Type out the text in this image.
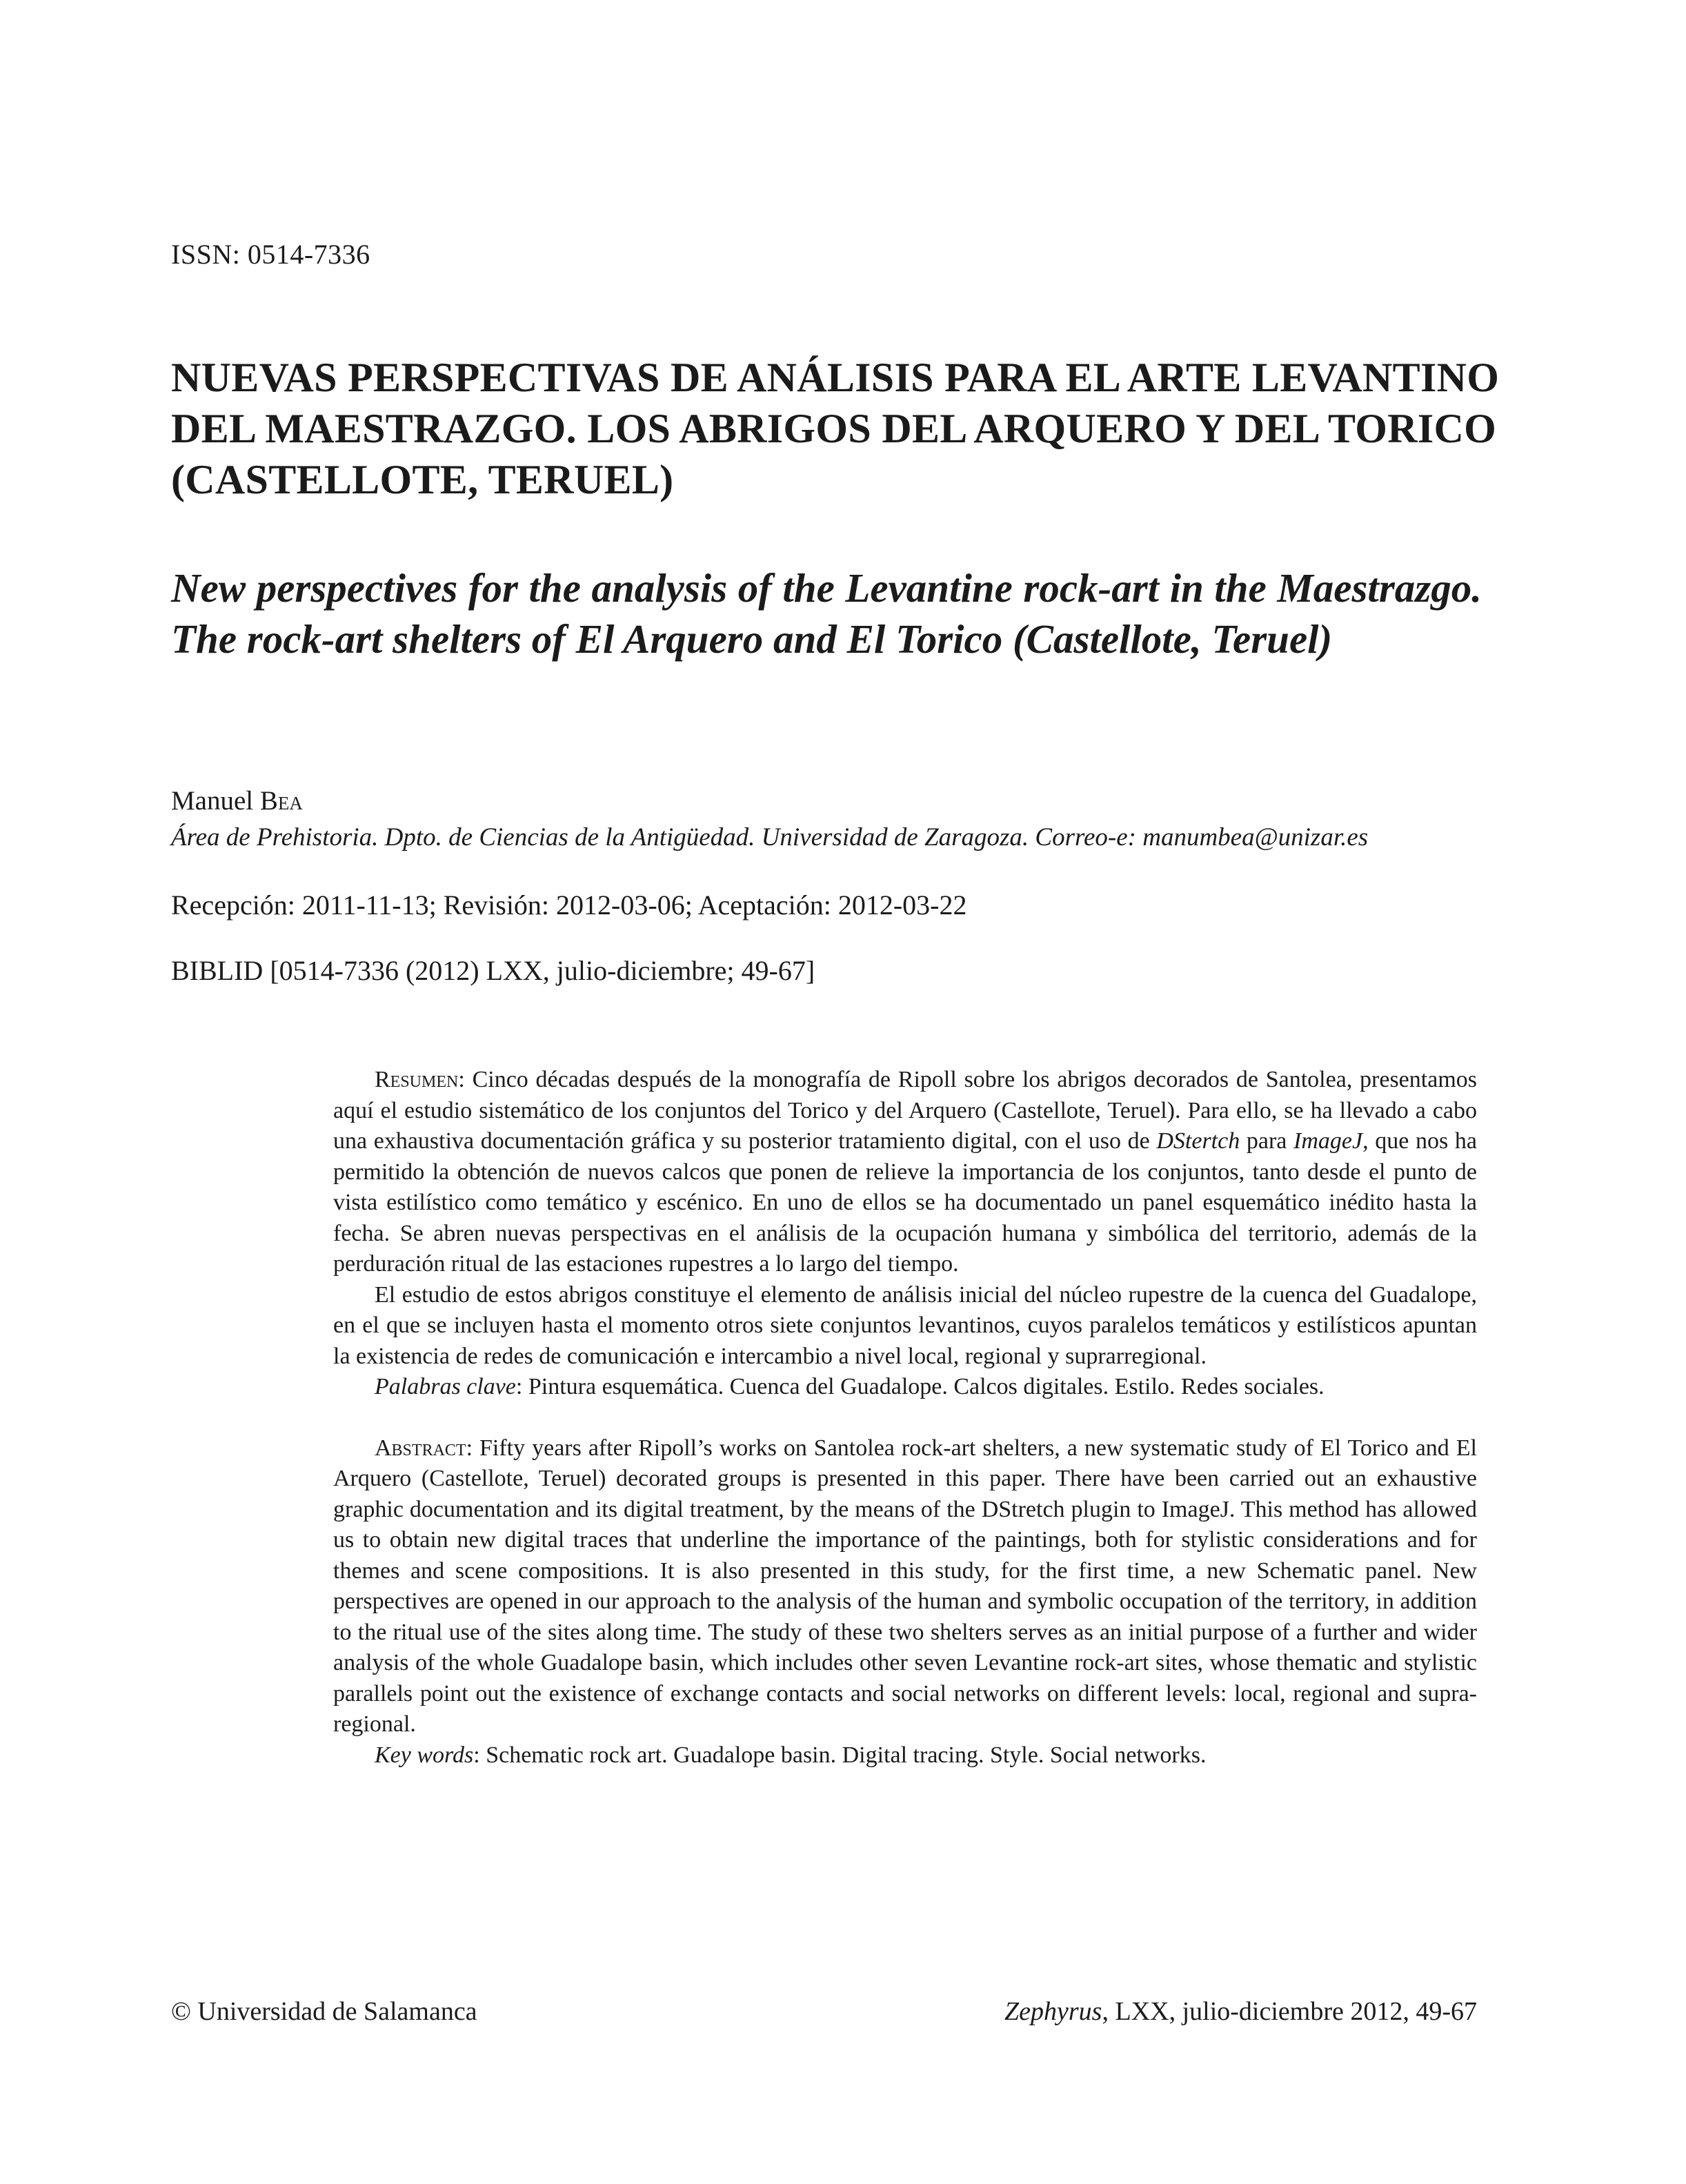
ISSN: 0514-7336
NUEVAS PERSPECTIVAS DE ANÁLISIS PARA EL ARTE LEVANTINO DEL MAESTRAZGO. LOS ABRIGOS DEL ARQUERO Y DEL TORICO (CASTELLOTE, TERUEL)
New perspectives for the analysis of the Levantine rock-art in the Maestrazgo. The rock-art shelters of El Arquero and El Torico (Castellote, Teruel)
Manuel Bea
Área de Prehistoria. Dpto. de Ciencias de la Antigüedad. Universidad de Zaragoza. Correo-e: manumbea@unizar.es
Recepción: 2011-11-13; Revisión: 2012-03-06; Aceptación: 2012-03-22
BIBLID [0514-7336 (2012) LXX, julio-diciembre; 49-67]

Resumen: Cinco décadas después de la monografía de Ripoll sobre los abrigos decorados de Santolea, presentamos aquí el estudio sistemático de los conjuntos del Torico y del Arquero (Castellote, Teruel). Para ello, se ha llevado a cabo una exhaustiva documentación gráfica y su posterior tratamiento digital, con el uso de DStertch para ImageJ, que nos ha permitido la obtención de nuevos calcos que ponen de relieve la importancia de los conjuntos, tanto desde el punto de vista estilístico como temático y escénico. En uno de ellos se ha documentado un panel esquemático inédito hasta la fecha. Se abren nuevas perspectivas en el análisis de la ocupación humana y simbólica del territorio, además de la perduración ritual de las estaciones rupestres a lo largo del tiempo.

El estudio de estos abrigos constituye el elemento de análisis inicial del núcleo rupestre de la cuenca del Guadalope, en el que se incluyen hasta el momento otros siete conjuntos levantinos, cuyos paralelos temáticos y estilísticos apuntan la existencia de redes de comunicación e intercambio a nivel local, regional y suprarregional.

Palabras clave: Pintura esquemática. Cuenca del Guadalope. Calcos digitales. Estilo. Redes sociales.

Abstract: Fifty years after Ripoll’s works on Santolea rock-art shelters, a new systematic study of El Torico and El Arquero (Castellote, Teruel) decorated groups is presented in this paper. There have been carried out an exhaustive graphic documentation and its digital treatment, by the means of the DStretch plugin to ImageJ. This method has allowed us to obtain new digital traces that underline the importance of the paintings, both for stylistic considerations and for themes and scene compositions. It is also presented in this study, for the first time, a new Schematic panel. New perspectives are opened in our approach to the analysis of the human and symbolic occupation of the territory, in addition to the ritual use of the sites along time. The study of these two shelters serves as an initial purpose of a further and wider analysis of the whole Guadalope basin, which includes other seven Levantine rock-art sites, whose thematic and stylistic parallels point out the existence of exchange contacts and social networks on different levels: local, regional and supra-regional.

Key words: Schematic rock art. Guadalope basin. Digital tracing. Style. Social networks.

© Universidad de Salamanca	Zephyrus, LXX, julio-diciembre 2012, 49-67
